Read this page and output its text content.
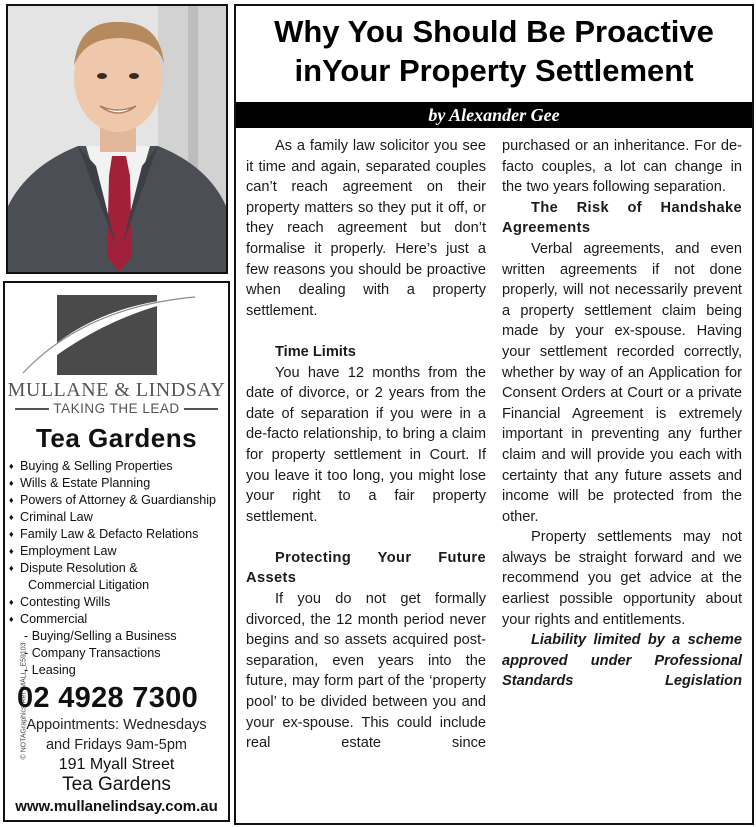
MULLANE & LINDSAY
TAKING THE LEAD
Tea Gardens
♦ Buying & Selling Properties
♦ Wills & Estate Planning
♦ Powers of Attorney & Guardianship
♦ Criminal Law
♦ Family Law & Defacto Relations
♦ Employment Law
♦ Dispute Resolution &
Commercial Litigation
♦ Contesting Wills
♦ Commercial
- Buying/Selling a Business
- Company Transactions
- Leasing
© NOTAGraphics Ref: MALL_E59103
02 4928 7300
Appointments: Wednesdays
and Fridays 9am-5pm
191 Myall Street
Tea Gardens
www.mullanelindsay.com.au
Why You Should Be Proactive
inYour Property Settlement
by Alexander Gee

As a family law solicitor you see it time and again, separated couples can’t reach agreement on their property matters so they put it off, or they reach agreement but don’t formalise it properly. Here’s just a few reasons you should be proactive when dealing with a property settlement.

Time Limits

You have 12 months from the date of divorce, or 2 years from the date of separation if you were in a de-facto relationship, to bring a claim for property settlement in Court. If you leave it too long, you might lose your right to a fair property settlement.

Protecting Your Future Assets

If you do not get formally divorced, the 12 month period never begins and so assets acquired post-separation, even years into the future, may form part of the ‘property pool’ to be divided between you and your ex-spouse. This could include real estate since

purchased or an inheritance. For de-facto couples, a lot can change in the two years following separation.

The Risk of Handshake Agreements

Verbal agreements, and even written agreements if not done properly, will not necessarily prevent a property settlement claim being made by your ex-spouse. Having your settlement recorded correctly, whether by way of an Application for Consent Orders at Court or a private Financial Agreement is extremely important in preventing any further claim and will provide you each with certainty that any future assets and income will be protected from the other.

Property settlements may not always be straight forward and we recommend you get advice at the earliest possible opportunity about your rights and entitlements.

Liability limited by a scheme approved under Professional Standards Legislation
